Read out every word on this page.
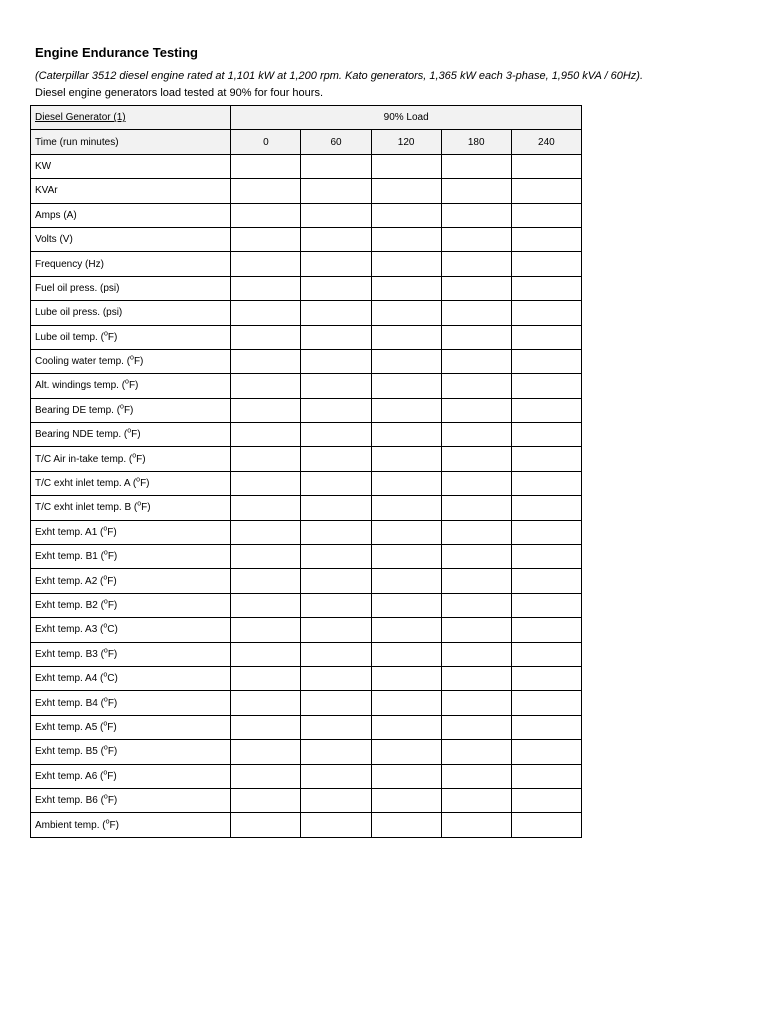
Engine Endurance Testing
(Caterpillar 3512 diesel engine rated at 1,101 kW at 1,200 rpm. Kato generators, 1,365 kW each 3-phase, 1,950 kVA / 60Hz).
Diesel engine generators load tested at 90% for four hours.
Diesel Generator (1)	90% Load				
Time (run minutes)	0	60	120	180	240
KW					
KVAr					
Amps (A)					
Volts (V)					
Frequency (Hz)					
Fuel oil press. (psi)					
Lube oil press. (psi)					
Lube oil temp. ($^o$F)					
Cooling water temp. ($^o$F)					
Alt. windings temp. ($^o$F)					
Bearing DE temp. ($^o$F)					
Bearing NDE temp. ($^o$F)					
T/C Air in-take temp. ($^o$F)					
T/C exht inlet temp. A ($^o$F)					
T/C exht inlet temp. B ($^o$F)					
Exht temp. A1 ($^o$F)					
Exht temp. B1 ($^o$F)					
Exht temp. A2 ($^o$F)					
Exht temp. B2 ($^o$F)					
Exht temp. A3 ($^o$C)					
Exht temp. B3 ($^o$F)					
Exht temp. A4 ($^o$C)					
Exht temp. B4 ($^o$F)					
Exht temp. A5 ($^o$F)					
Exht temp. B5 ($^o$F)					
Exht temp. A6 ($^o$F)					
Exht temp. B6 ($^o$F)					
Ambient temp. ($^o$F)					
